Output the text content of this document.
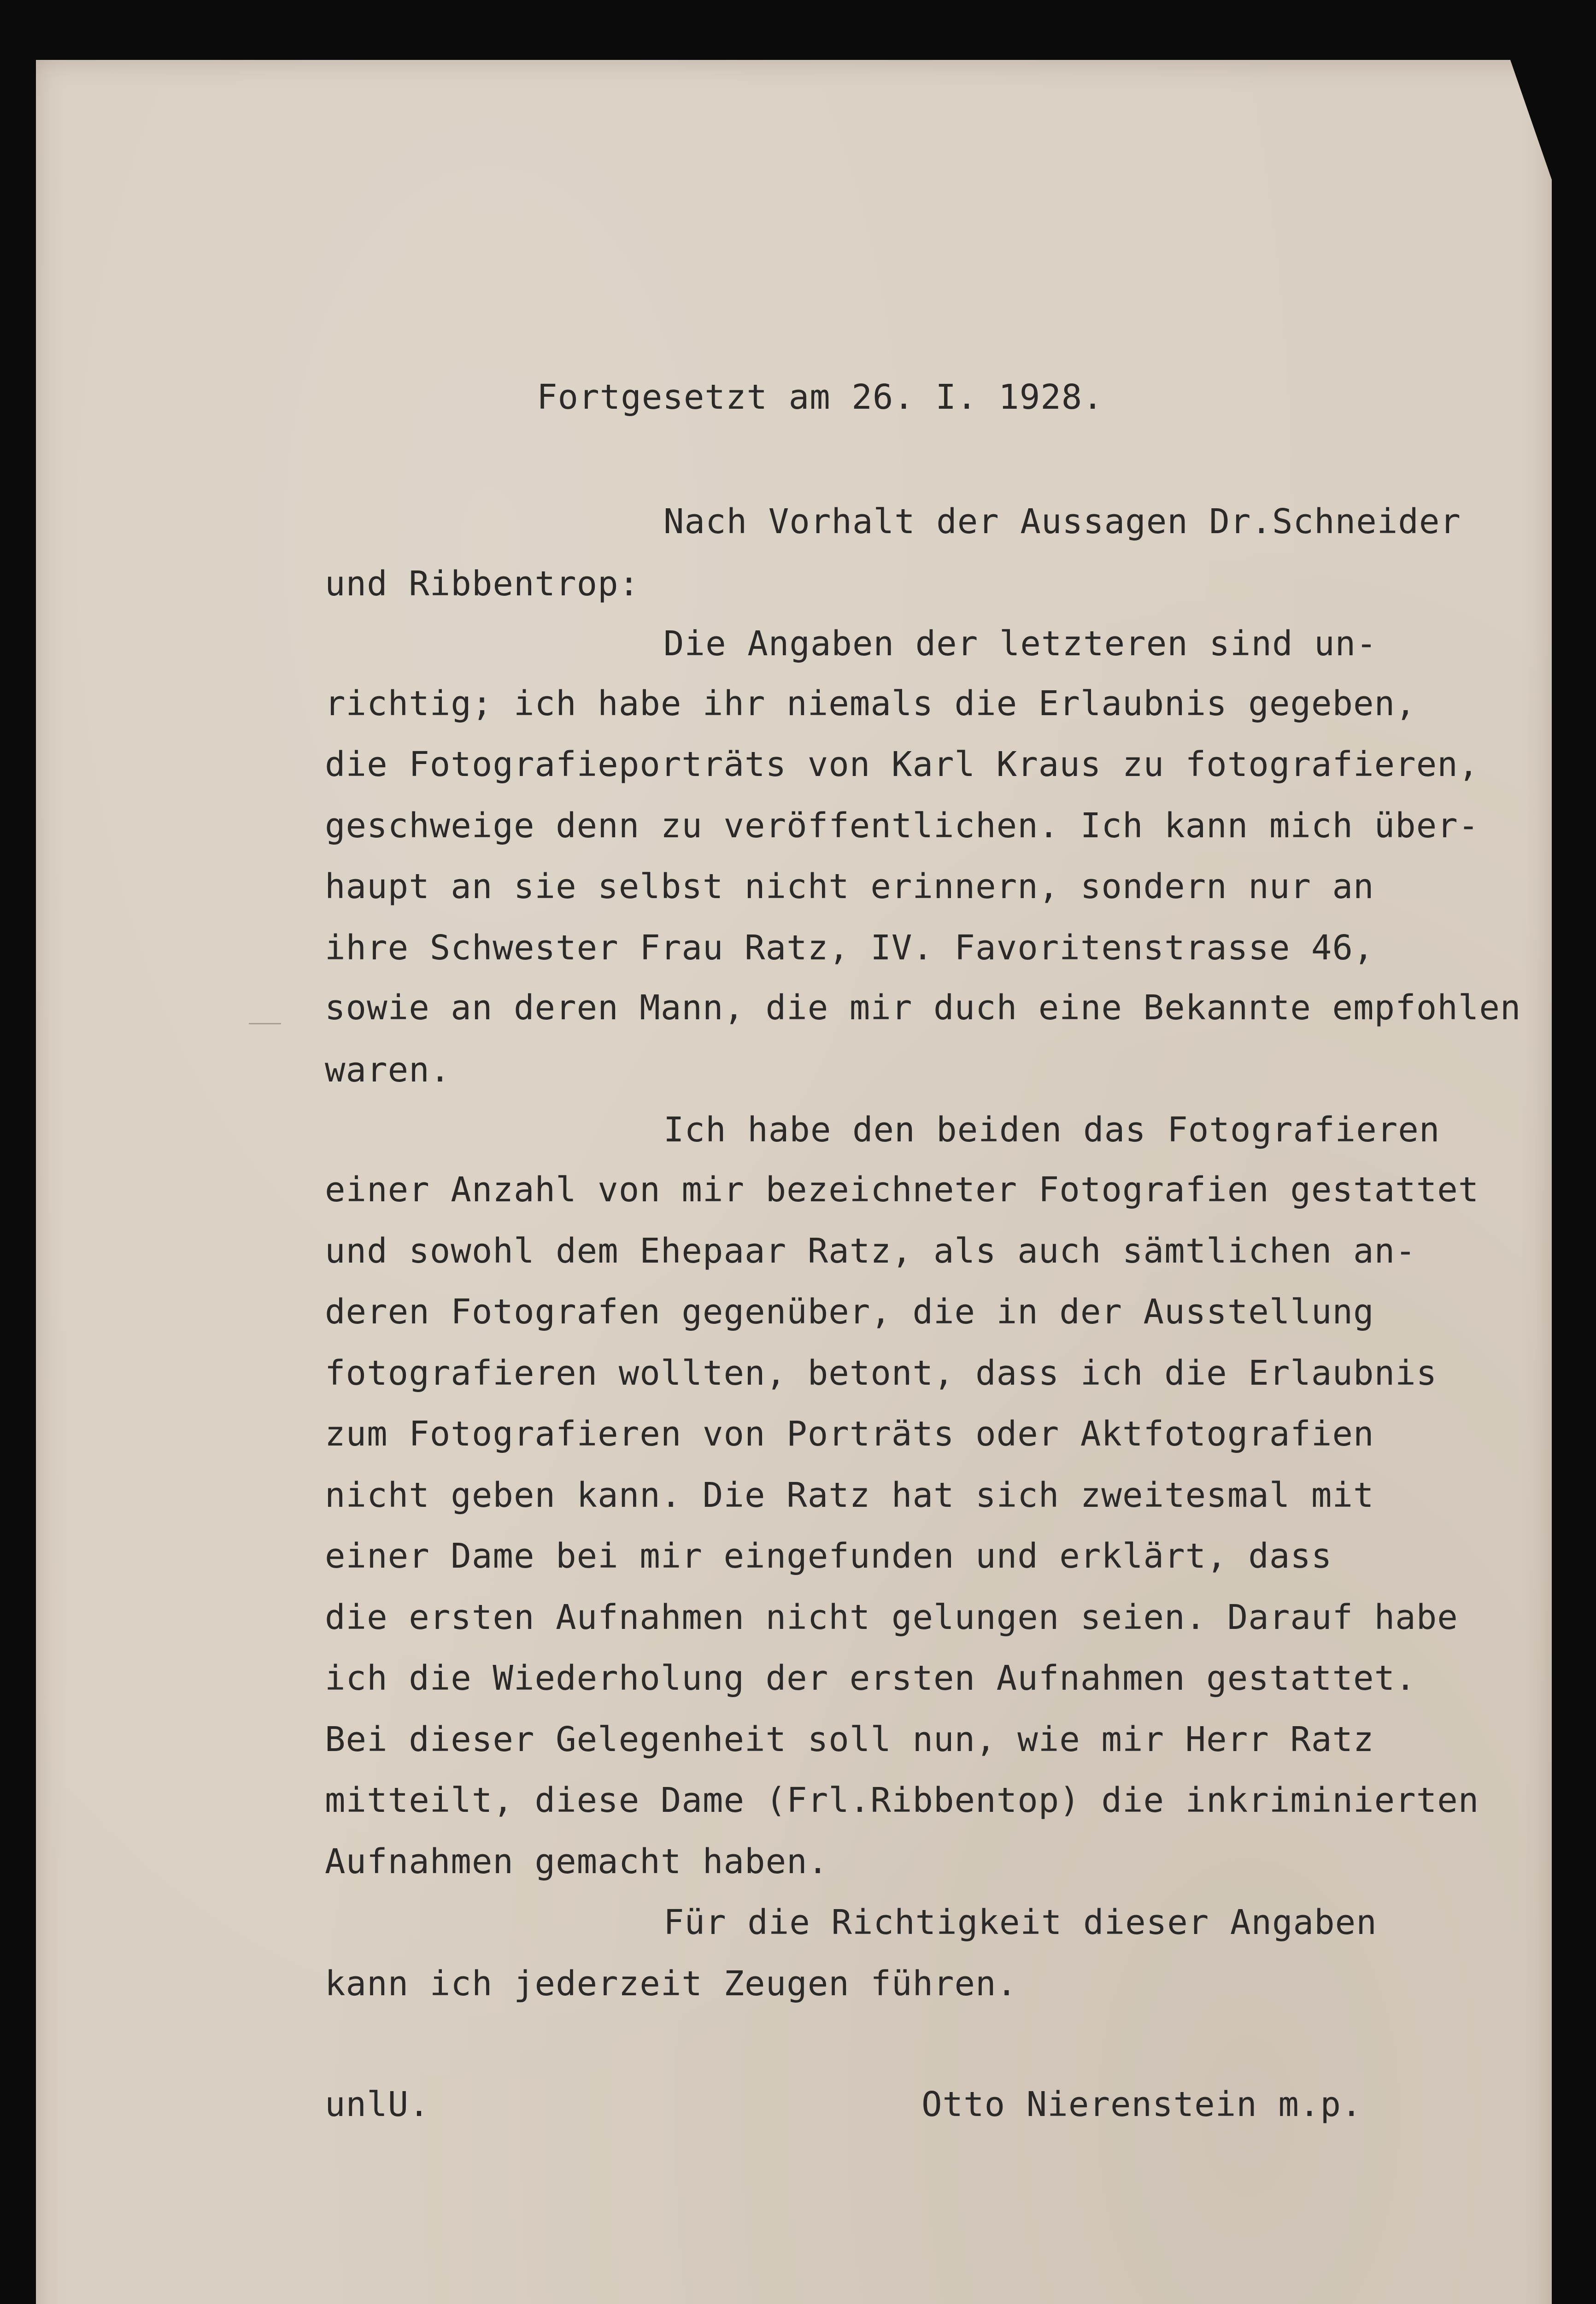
Fortgesetzt am 26. I. 1928.
Nach Vorhalt der Aussagen Dr.Schneider
und Ribbentrop:
Die Angaben der letzteren sind un-
richtig; ich habe ihr niemals die Erlaubnis gegeben,
die Fotografieporträts von Karl Kraus zu fotografieren,
geschweige denn zu veröffentlichen. Ich kann mich über-
haupt an sie selbst nicht erinnern, sondern nur an
ihre Schwester Frau Ratz, IV. Favoritenstrasse 46,
sowie an deren Mann, die mir duch eine Bekannte empfohlen
waren.
Ich habe den beiden das Fotografieren
einer Anzahl von mir bezeichneter Fotografien gestattet
und sowohl dem Ehepaar Ratz, als auch sämtlichen an-
deren Fotografen gegenüber, die in der Ausstellung
fotografieren wollten, betont, dass ich die Erlaubnis
zum Fotografieren von Porträts oder Aktfotografien
nicht geben kann. Die Ratz hat sich zweitesmal mit
einer Dame bei mir eingefunden und erklärt, dass
die ersten Aufnahmen nicht gelungen seien. Darauf habe
ich die Wiederholung der ersten Aufnahmen gestattet.
Bei dieser Gelegenheit soll nun, wie mir Herr Ratz
mitteilt, diese Dame (Frl.Ribbentop) die inkriminierten
Aufnahmen gemacht haben.
Für die Richtigkeit dieser Angaben
kann ich jederzeit Zeugen führen.
unlU.	Otto Nierenstein m.p.
